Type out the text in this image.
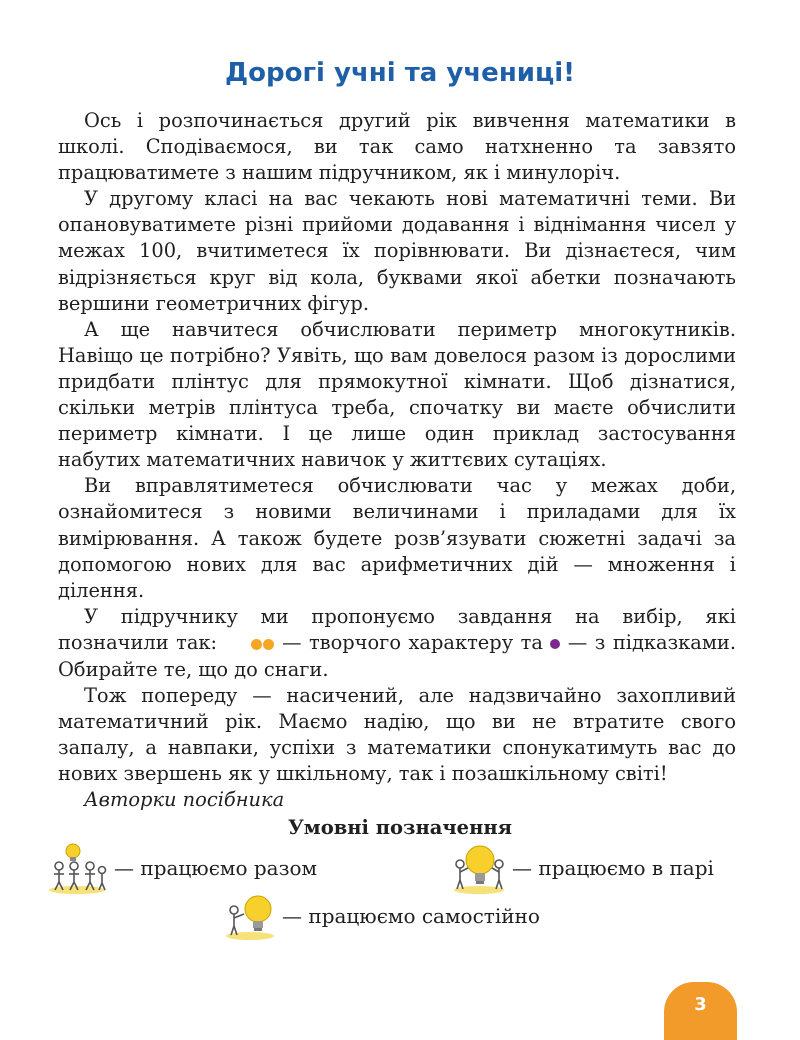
Дорогі учні та учениці!

Ось і розпочинається другий рік вивчення математики в школі. Сподіваємося, ви так само натхненно та завзято працюватимете з нашим підручником, як і минулоріч.

У другому класі на вас чекають нові математичні теми. Ви опановуватимете різні прийоми додавання і віднімання чисел у межах 100, вчитиметеся їх порівнювати. Ви дізнаєтеся, чим відрізняється круг від кола, буквами якої абетки позначають вершини геометричних фігур.

А ще навчитеся обчислювати периметр многокутників. Навіщо це потрібно? Уявіть, що вам довелося разом із дорослими придбати плінтус для прямокутної кімнати. Щоб дізнатися, скільки метрів плінтуса треба, спочатку ви маєте обчислити периметр кімнати. І це лише один приклад застосування набутих математичних навичок у життєвих сутаціях.

Ви вправлятиметеся обчислювати час у межах доби, ознайомитеся з новими величинами і приладами для їх вимірювання. А також будете розв’язувати сюжетні задачі за допомогою нових для вас арифметичних дій — множення і ділення.

У підручнику ми пропонуємо завдання на вибір, які позначили так:	— творчого характеру та  — з підказками. Обирайте те, що до снаги.

Тож попереду — насичений, але надзвичайно захопливий математичний рік. Маємо надію, що ви не втратите свого запалу, а навпаки, успіхи з математики спонукатимуть вас до нових звершень як у шкільному, так і позашкільному світі!

Авторки посібника

Умовні позначення
— працюємо разом	— працюємо в парі
— працюємо самостійно
3
